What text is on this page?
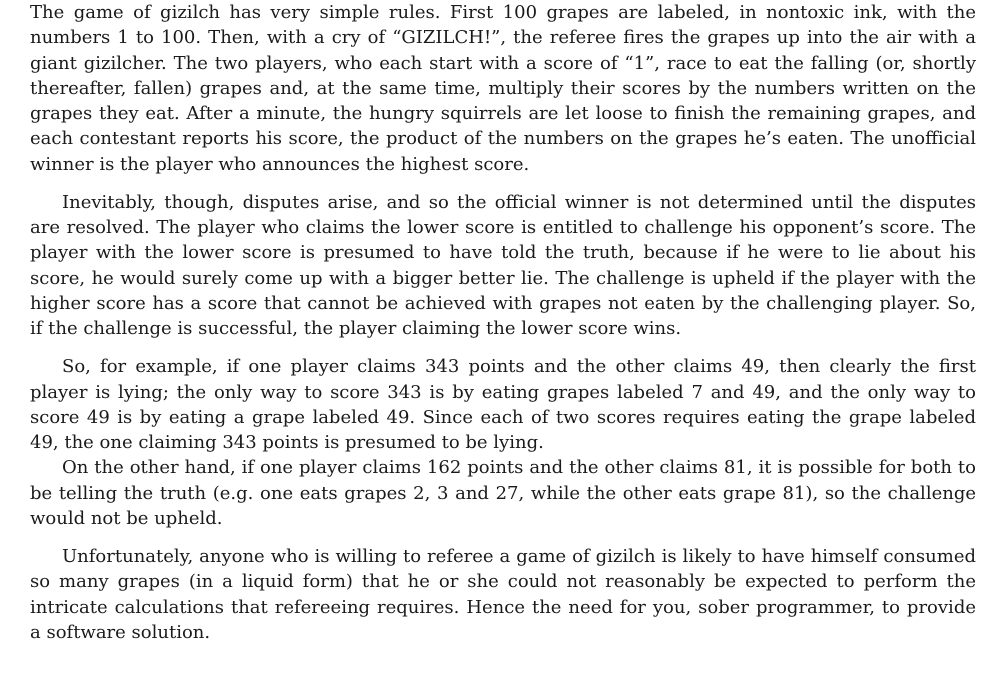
The game of gizilch has very simple rules. First 100 grapes are labeled, in nontoxic ink, with the numbers 1 to 100. Then, with a cry of “GIZILCH!”, the referee fires the grapes up into the air with a giant gizilcher. The two players, who each start with a score of “1”, race to eat the falling (or, shortly thereafter, fallen) grapes and, at the same time, multiply their scores by the numbers written on the grapes they eat. After a minute, the hungry squirrels are let loose to finish the remaining grapes, and each contestant reports his score, the product of the numbers on the grapes he’s eaten. The unofficial winner is the player who announces the highest score.

Inevitably, though, disputes arise, and so the official winner is not determined until the disputes are resolved. The player who claims the lower score is entitled to challenge his opponent’s score. The player with the lower score is presumed to have told the truth, because if he were to lie about his score, he would surely come up with a bigger better lie. The challenge is upheld if the player with the higher score has a score that cannot be achieved with grapes not eaten by the challenging player. So, if the challenge is successful, the player claiming the lower score wins.

So, for example, if one player claims 343 points and the other claims 49, then clearly the first player is lying; the only way to score 343 is by eating grapes labeled 7 and 49, and the only way to score 49 is by eating a grape labeled 49. Since each of two scores requires eating the grape labeled 49, the one claiming 343 points is presumed to be lying.

On the other hand, if one player claims 162 points and the other claims 81, it is possible for both to be telling the truth (e.g. one eats grapes 2, 3 and 27, while the other eats grape 81), so the challenge would not be upheld.

Unfortunately, anyone who is willing to referee a game of gizilch is likely to have himself consumed so many grapes (in a liquid form) that he or she could not reasonably be expected to perform the intricate calculations that refereeing requires. Hence the need for you, sober programmer, to provide a software solution.
